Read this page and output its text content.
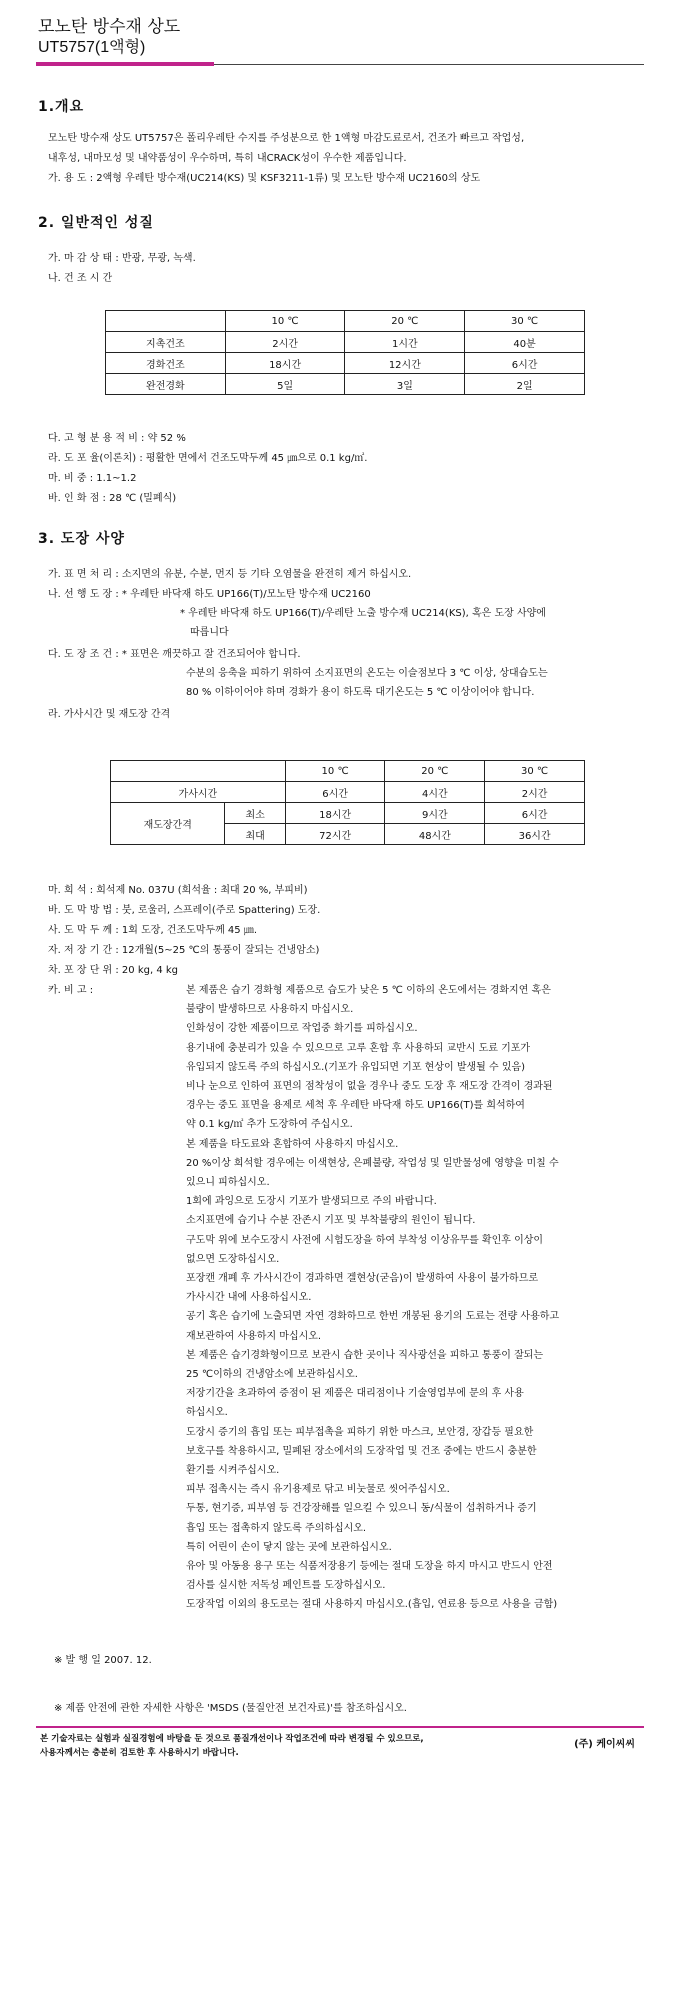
모노탄 방수재 상도
UT5757(1액형)
1.개요
모노탄 방수재 상도 UT5757은 폴리우레탄 수지를 주성분으로 한 1액형 마감도료로서, 건조가 빠르고 작업성,
내후성, 내마모성 및 내약품성이 우수하며, 특히 내CRACK성이 우수한 제품입니다.
가. 용 도 : 2액형 우레탄 방수재(UC214(KS) 및 KSF3211-1류) 및 모노탄 방수재 UC2160의 상도
2. 일반적인 성질
가. 마 감 상 태 : 반광, 무광, 녹색.
나. 건 조 시 간
	10 ℃	20 ℃	30 ℃
지촉건조	2시간	1시간	40분
경화건조	18시간	12시간	6시간
완전경화	5일	3일	2일
다. 고 형 분 용 적 비 : 약 52 %
라. 도 포 율(이론치) : 평활한 면에서 건조도막두께 45 ㎛으로 0.1 kg/㎡.
마. 비 중 : 1.1~1.2
바. 인 화 점 : 28 ℃ (밀폐식)
3. 도장 사양
가. 표 면 처 리 : 소지면의 유분, 수분, 먼지 등 기타 오염물을 완전히 제거 하십시오.
나. 선 행 도 장 : * 우레탄 바닥재 하도 UP166(T)/모노탄 방수재 UC2160
* 우레탄 바닥재 하도 UP166(T)/우레탄 노출 방수재 UC214(KS), 혹은 도장 사양에
따릅니다
다. 도 장 조 건 : * 표면은 깨끗하고 잘 건조되어야 합니다.
수분의 응축을 피하기 위하여 소지표면의 온도는 이슬점보다 3 ℃ 이상, 상대습도는
80 % 이하이어야 하며 경화가 용이 하도록 대기온도는 5 ℃ 이상이어야 합니다.
라. 가사시간 및 재도장 간격
		10 ℃	20 ℃	30 ℃
가사시간		6시간	4시간	2시간
재도장간격	최소	18시간	9시간	6시간
	최대	72시간	48시간	36시간
마. 희 석 : 희석제 No. 037U (희석율 : 최대 20 %, 부피비)
바. 도 막 방 법 : 붓, 로울러, 스프레이(주로 Spattering) 도장.
사. 도 막 두 께 : 1회 도장, 건조도막두께 45 ㎛.
자. 저 장 기 간 : 12개월(5~25 ℃의 통풍이 잘되는 건냉암소)
차. 포 장 단 위 : 20 kg, 4 kg
카. 비 고 :	본 제품은 습기 경화형 제품으로 습도가 낮은 5 ℃ 이하의 온도에서는 경화지연 혹은
불량이 발생하므로 사용하지 마십시오.
인화성이 강한 제품이므로 작업중 화기를 피하십시오.
용기내에 충분리가 있을 수 있으므로 고루 혼합 후 사용하되 교반시 도료 기포가
유입되지 않도록 주의 하십시오.(기포가 유입되면 기포 현상이 발생될 수 있음)
비나 눈으로 인하여 표면의 점착성이 없을 경우나 중도 도장 후 재도장 간격이 경과된
경우는 중도 표면을 용제로 세척 후 우레탄 바닥재 하도 UP166(T)를 희석하여
약 0.1 kg/㎡ 추가 도장하여 주십시오.
본 제품을 타도료와 혼합하여 사용하지 마십시오.
20 %이상 희석할 경우에는 이색현상, 은폐불량, 작업성 및 일반물성에 영향을 미칠 수
있으니 피하십시오.
1회에 과잉으로 도장시 기포가 발생되므로 주의 바랍니다.
소지표면에 습기나 수분 잔존시 기포 및 부착불량의 원인이 됩니다.
구도막 위에 보수도장시 사전에 시험도장을 하여 부착성 이상유무를 확인후 이상이
없으면 도장하십시오.
포장캔 개폐 후 가사시간이 경과하면 겔현상(굳음)이 발생하여 사용이 불가하므로
가사시간 내에 사용하십시오.
공기 혹은 습기에 노출되면 자연 경화하므로 한번 개봉된 용기의 도료는 전량 사용하고
재보관하여 사용하지 마십시오.
본 제품은 습기경화형이므로 보관시 습한 곳이나 직사광선을 피하고 통풍이 잘되는
25 ℃이하의 건냉암소에 보관하십시오.
저장기간을 초과하여 증점이 된 제품은 대리점이나 기술영업부에 문의 후 사용
하십시오.
도장시 증기의 흡입 또는 피부접촉을 피하기 위한 마스크, 보안경, 장갑등 필요한
보호구를 착용하시고, 밀폐된 장소에서의 도장작업 및 건조 중에는 반드시 충분한
환기를 시켜주십시오.
피부 접촉시는 즉시 유기용제로 닦고 비눗물로 씻어주십시오.
두통, 현기증, 피부염 등 건강장해를 일으킬 수 있으니 동/식물이 섭취하거나 증기
흡입 또는 접촉하지 않도록 주의하십시오.
특히 어린이 손이 닿지 않는 곳에 보관하십시오.
유아 및 아동용 용구 또는 식품저장용기 등에는 절대 도장을 하지 마시고 반드시 안전
검사를 실시한 저독성 페인트를 도장하십시오.
도장작업 이외의 용도로는 절대 사용하지 마십시오.(흡입, 연료용 등으로 사용을 금함)
※ 발 행 일 2007. 12.
※ 제품 안전에 관한 자세한 사항은 'MSDS (물질안전 보건자료)'를 참조하십시오.
본 기술자료는 실험과 실질경험에 바탕을 둔 것으로 품질개선이나 작업조건에 따라 변경될 수 있으므로,
사용자께서는 충분히 검토한 후 사용하시기 바랍니다.
(주) 케이씨씨
